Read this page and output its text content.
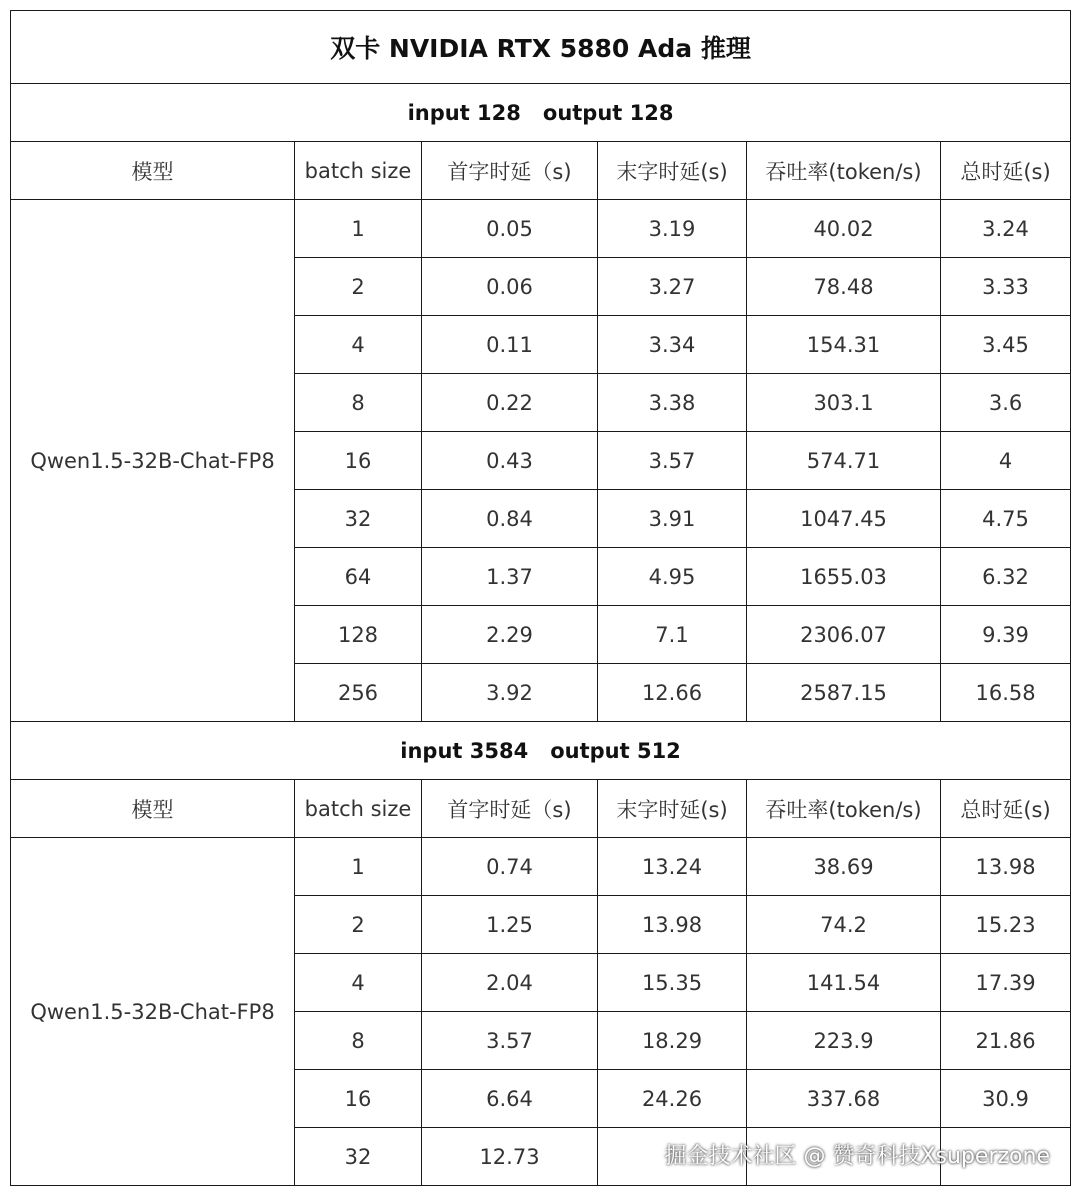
双卡 NVIDIA RTX 5880 Ada 推理					
input 128 output 128					
模型	batch size	首字时延（s)	末字时延(s)	吞吐率(token/s)	总时延(s)
Qwen1.5-32B-Chat-FP8	1	0.05	3.19	40.02	3.24
	2	0.06	3.27	78.48	3.33
	4	0.11	3.34	154.31	3.45
	8	0.22	3.38	303.1	3.6
	16	0.43	3.57	574.71	4
	32	0.84	3.91	1047.45	4.75
	64	1.37	4.95	1655.03	6.32
	128	2.29	7.1	2306.07	9.39
	256	3.92	12.66	2587.15	16.58
input 3584 output 512					
模型	batch size	首字时延（s)	末字时延(s)	吞吐率(token/s)	总时延(s)
Qwen1.5-32B-Chat-FP8	1	0.74	13.24	38.69	13.98
	2	1.25	13.98	74.2	15.23
	4	2.04	15.35	141.54	17.39
	8	3.57	18.29	223.9	21.86
	16	6.64	24.26	337.68	30.9
	32	12.73				掘金技术社区 @ 赞奇科技Xsuperzone
